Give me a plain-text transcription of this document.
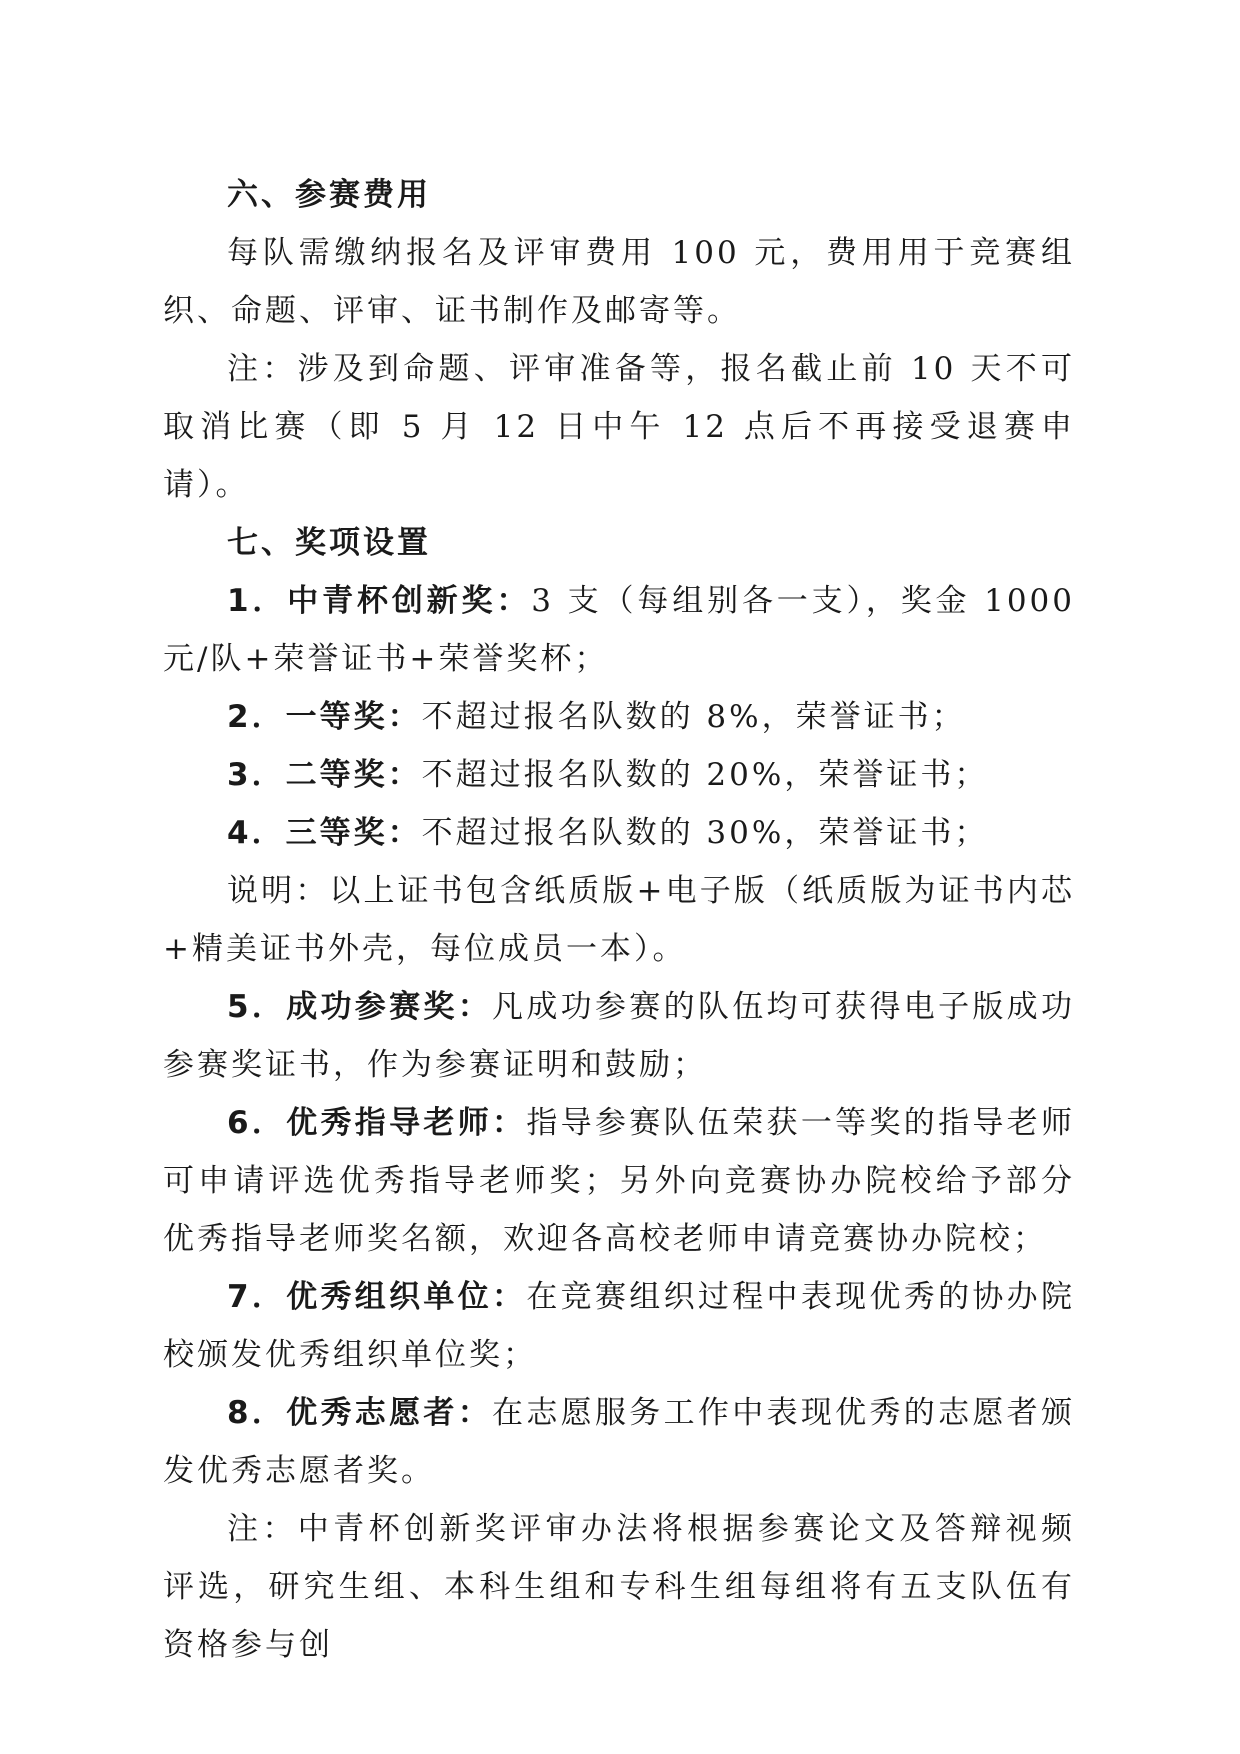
六、参赛费用

每队需缴纳报名及评审费用 100 元，费用用于竞赛组织、命题、评审、证书制作及邮寄等。

注：涉及到命题、评审准备等，报名截止前 10 天不可取消比赛（即 5 月 12 日中午 12 点后不再接受退赛申请）。

七、奖项设置

1．中青杯创新奖：3 支（每组别各一支），奖金 1000 元/队+荣誉证书+荣誉奖杯；

2．一等奖：不超过报名队数的 8%，荣誉证书；

3．二等奖：不超过报名队数的 20%，荣誉证书；

4．三等奖：不超过报名队数的 30%，荣誉证书；

说明：以上证书包含纸质版+电子版（纸质版为证书内芯+精美证书外壳，每位成员一本）。

5．成功参赛奖：凡成功参赛的队伍均可获得电子版成功参赛奖证书，作为参赛证明和鼓励；

6．优秀指导老师：指导参赛队伍荣获一等奖的指导老师可申请评选优秀指导老师奖；另外向竞赛协办院校给予部分优秀指导老师奖名额，欢迎各高校老师申请竞赛协办院校；

7．优秀组织单位：在竞赛组织过程中表现优秀的协办院校颁发优秀组织单位奖；

8．优秀志愿者：在志愿服务工作中表现优秀的志愿者颁发优秀志愿者奖。

注：中青杯创新奖评审办法将根据参赛论文及答辩视频评选，研究生组、本科生组和专科生组每组将有五支队伍有资格参与创
